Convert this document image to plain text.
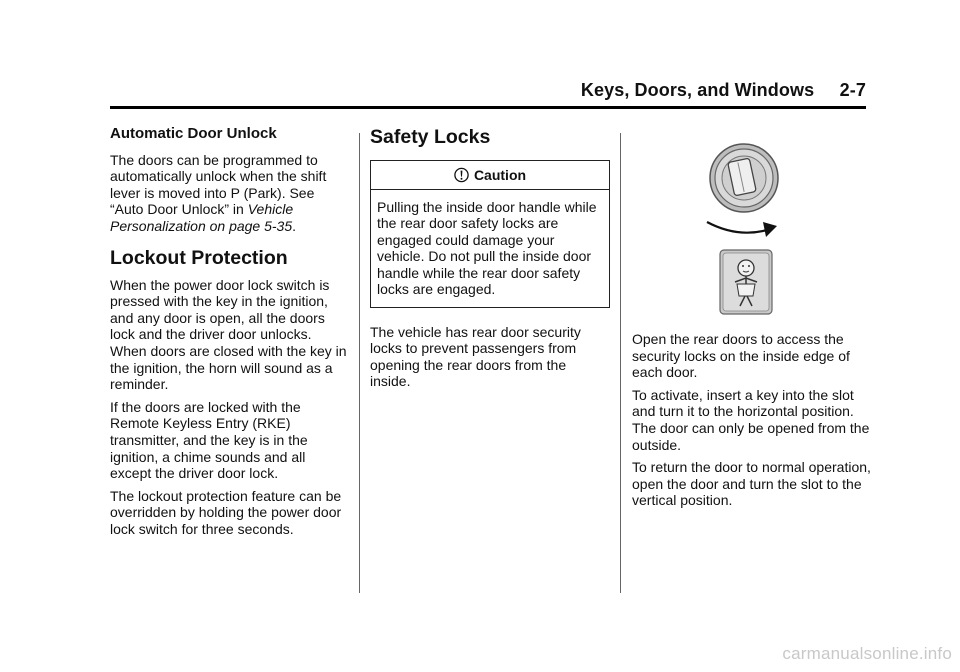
Keys, Doors, and Windows     2-7

Automatic Door Unlock

The doors can be programmed to automatically unlock when the shift lever is moved into P (Park). See “Auto Door Unlock” in Vehicle Personalization on page 5-35.

Lockout Protection

When the power door lock switch is pressed with the key in the ignition, and any door is open, all the doors lock and the driver door unlocks. When doors are closed with the key in the ignition, the horn will sound as a reminder.

If the doors are locked with the Remote Keyless Entry (RKE) transmitter, and the key is in the ignition, a chime sounds and all except the driver door lock.

The lockout protection feature can be overridden by holding the power door lock switch for three seconds.

Safety Locks

Caution
Pulling the inside door handle while the rear door safety locks are engaged could damage your vehicle. Do not pull the inside door handle while the rear door safety locks are engaged.

The vehicle has rear door security locks to prevent passengers from opening the rear doors from the inside.

Open the rear doors to access the security locks on the inside edge of each door.

To activate, insert a key into the slot and turn it to the horizontal position. The door can only be opened from the outside.

To return the door to normal operation, open the door and turn the slot to the vertical position.

carmanualsonline.info
